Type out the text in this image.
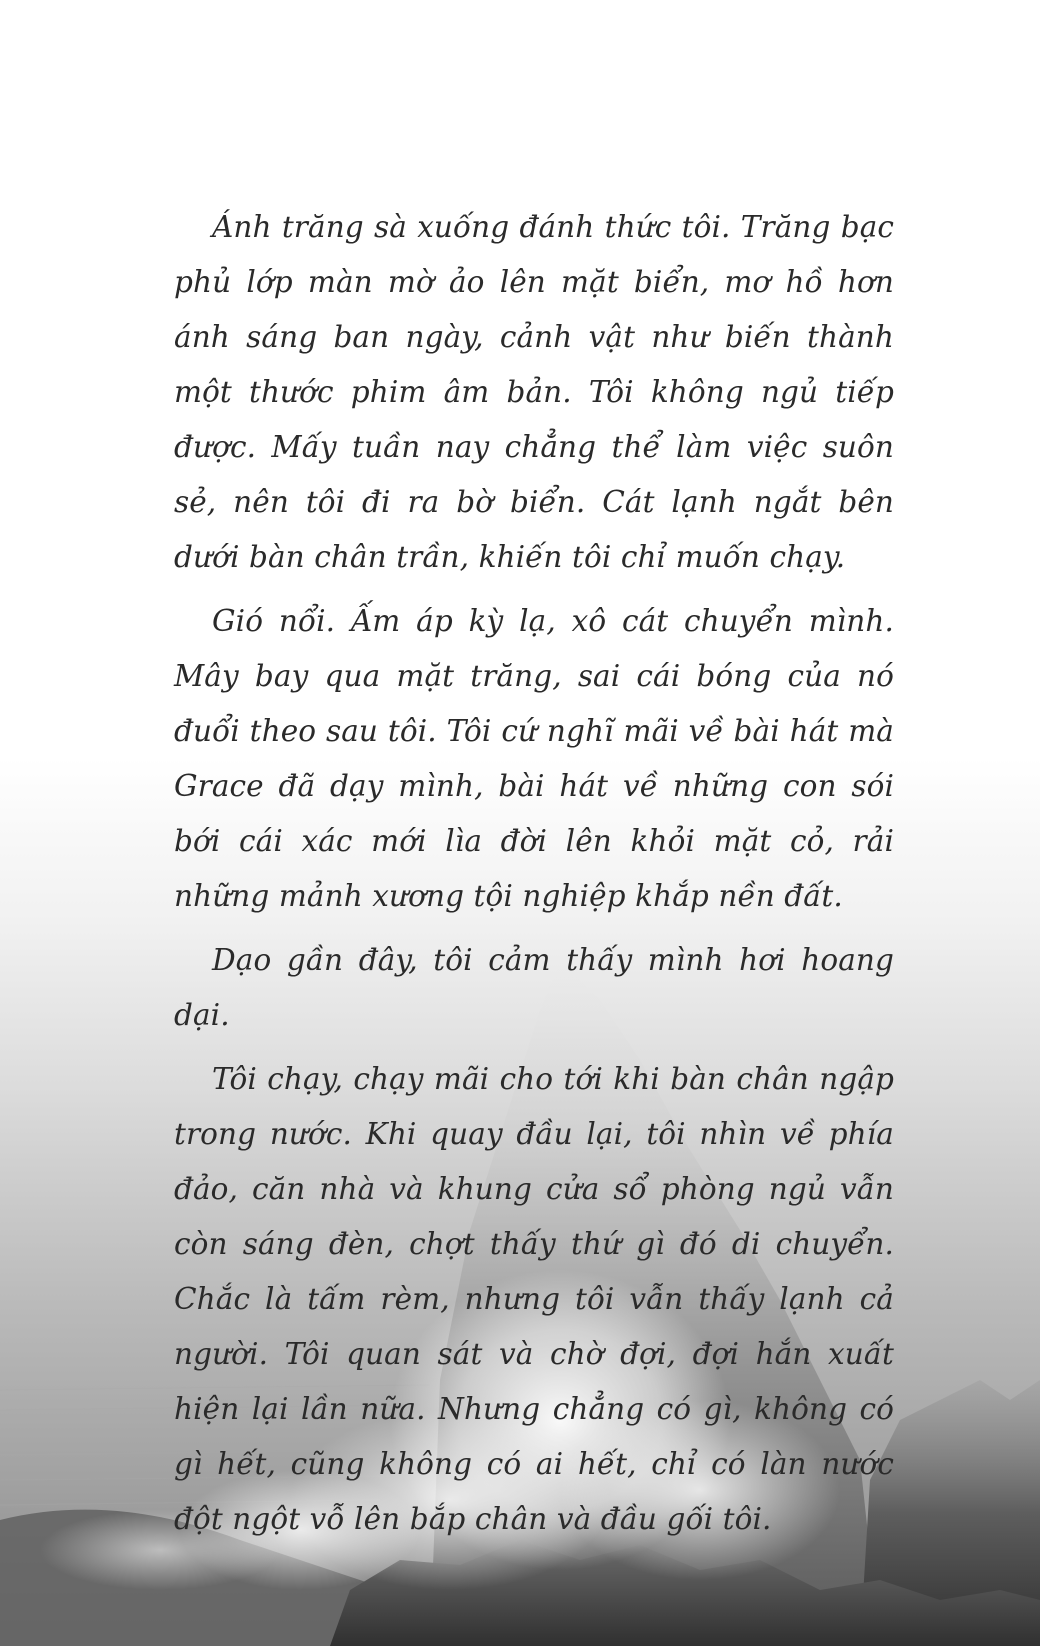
Ánh trăng sà xuống đánh thức tôi. Trăng bạc phủ lớp màn mờ ảo lên mặt biển, mơ hồ hơn ánh sáng ban ngày, cảnh vật như biến thành một thước phim âm bản. Tôi không ngủ tiếp được. Mấy tuần nay chẳng thể làm việc suôn sẻ, nên tôi đi ra bờ biển. Cát lạnh ngắt bên dưới bàn chân trần, khiến tôi chỉ muốn chạy.

Gió nổi. Ấm áp kỳ lạ, xô cát chuyển mình. Mây bay qua mặt trăng, sai cái bóng của nó đuổi theo sau tôi. Tôi cứ nghĩ mãi về bài hát mà Grace đã dạy mình, bài hát về những con sói bới cái xác mới lìa đời lên khỏi mặt cỏ, rải những mảnh xương tội nghiệp khắp nền đất.

Dạo gần đây, tôi cảm thấy mình hơi hoang dại.

Tôi chạy, chạy mãi cho tới khi bàn chân ngập trong nước. Khi quay đầu lại, tôi nhìn về phía đảo, căn nhà và khung cửa sổ phòng ngủ vẫn còn sáng đèn, chợt thấy thứ gì đó di chuyển. Chắc là tấm rèm, nhưng tôi vẫn thấy lạnh cả người. Tôi quan sát và chờ đợi, đợi hắn xuất hiện lại lần nữa. Nhưng chẳng có gì, không có gì hết, cũng không có ai hết, chỉ có làn nước đột ngột vỗ lên bắp chân và đầu gối tôi.
